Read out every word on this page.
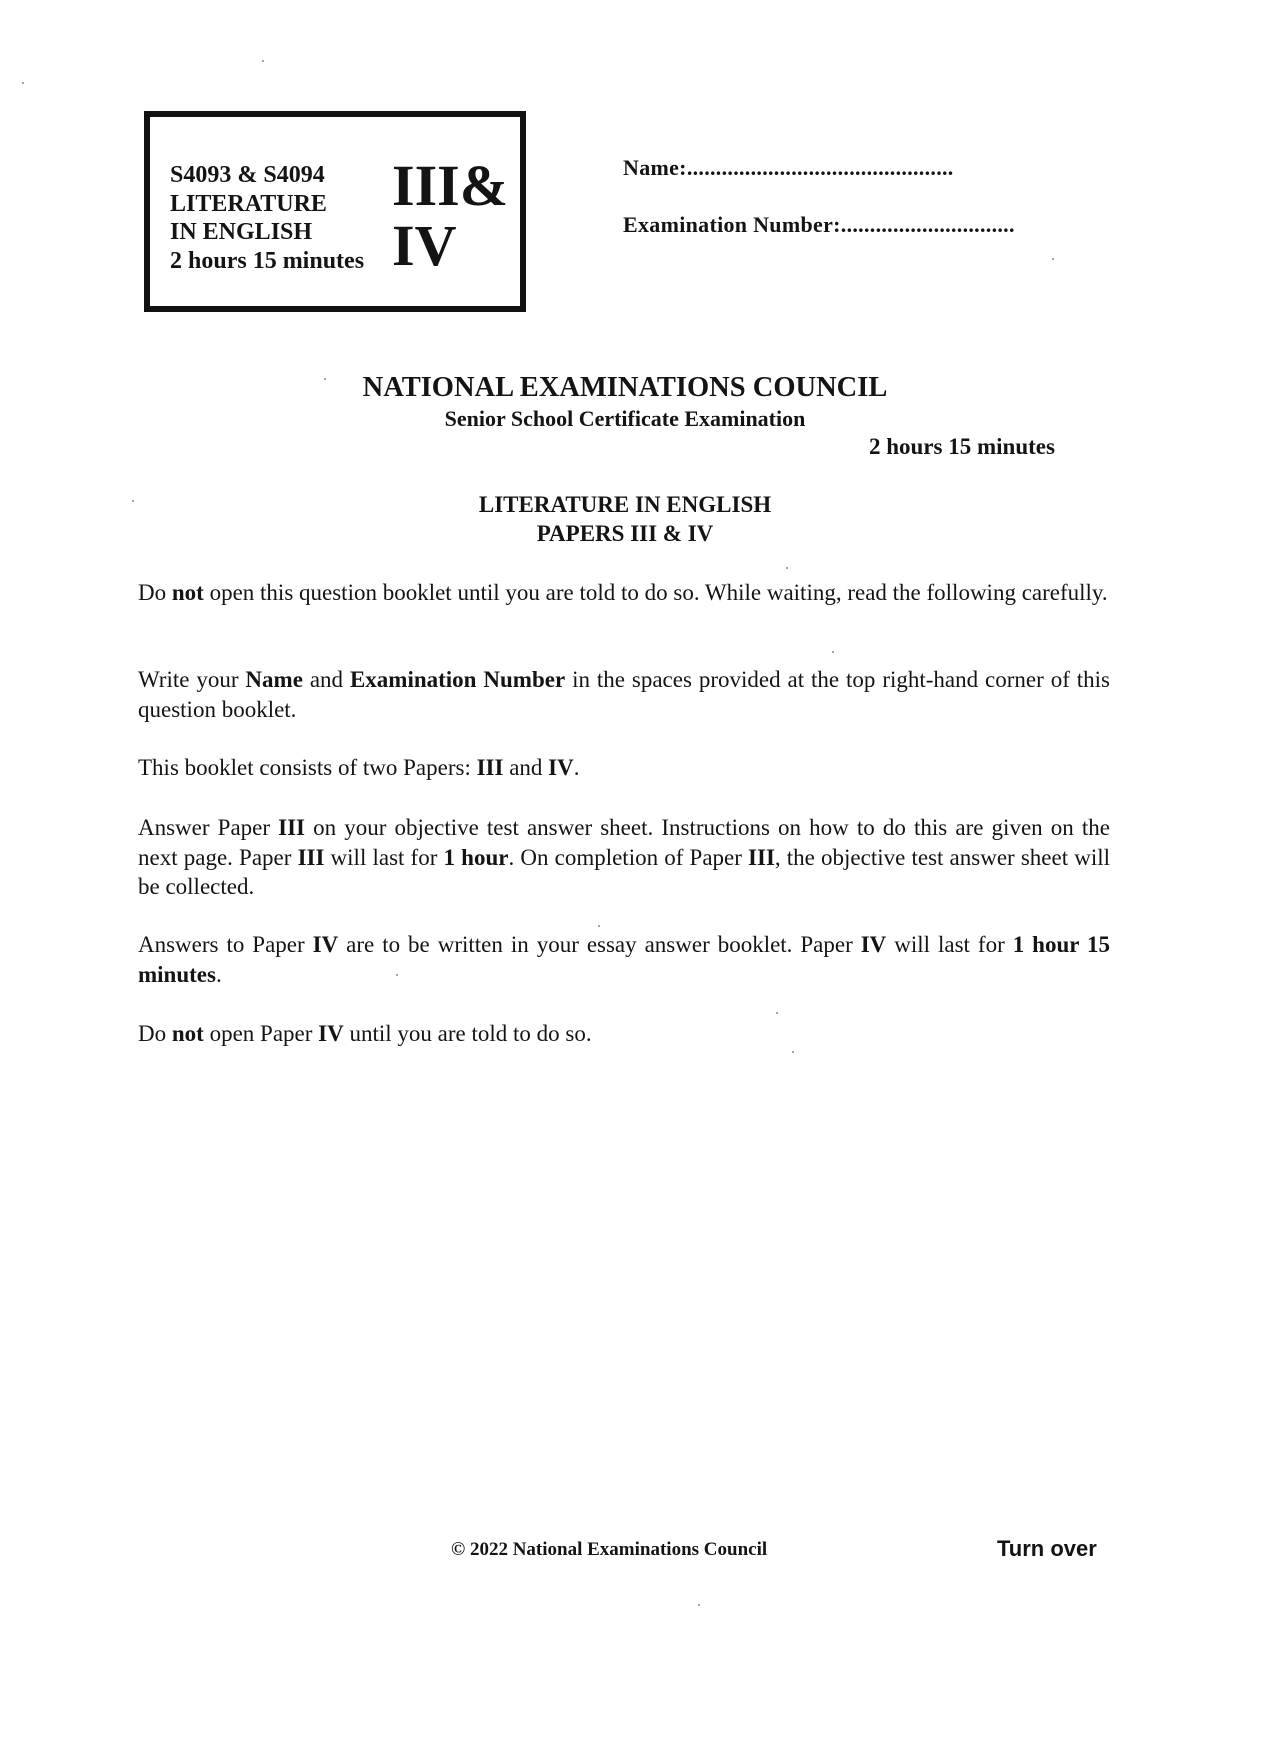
S4093 & S4094
LITERATURE
IN ENGLISH
2 hours 15 minutes
III&
IV
Name:..............................................
Examination Number:..............................
NATIONAL EXAMINATIONS COUNCIL
Senior School Certificate Examination
2 hours 15 minutes
LITERATURE IN ENGLISH
PAPERS III & IV
Do not open this question booklet until you are told to do so. While waiting, read the following carefully.
Write your Name and Examination Number in the spaces provided at the top right-hand corner of this question booklet.
This booklet consists of two Papers: III and IV.
Answer Paper III on your objective test answer sheet. Instructions on how to do this are given on the next page. Paper III will last for 1 hour. On completion of Paper III, the objective test answer sheet will be collected.
Answers to Paper IV are to be written in your essay answer booklet. Paper IV will last for 1 hour 15 minutes.
Do not open Paper IV until you are told to do so.
© 2022 National Examinations Council	Turn over
